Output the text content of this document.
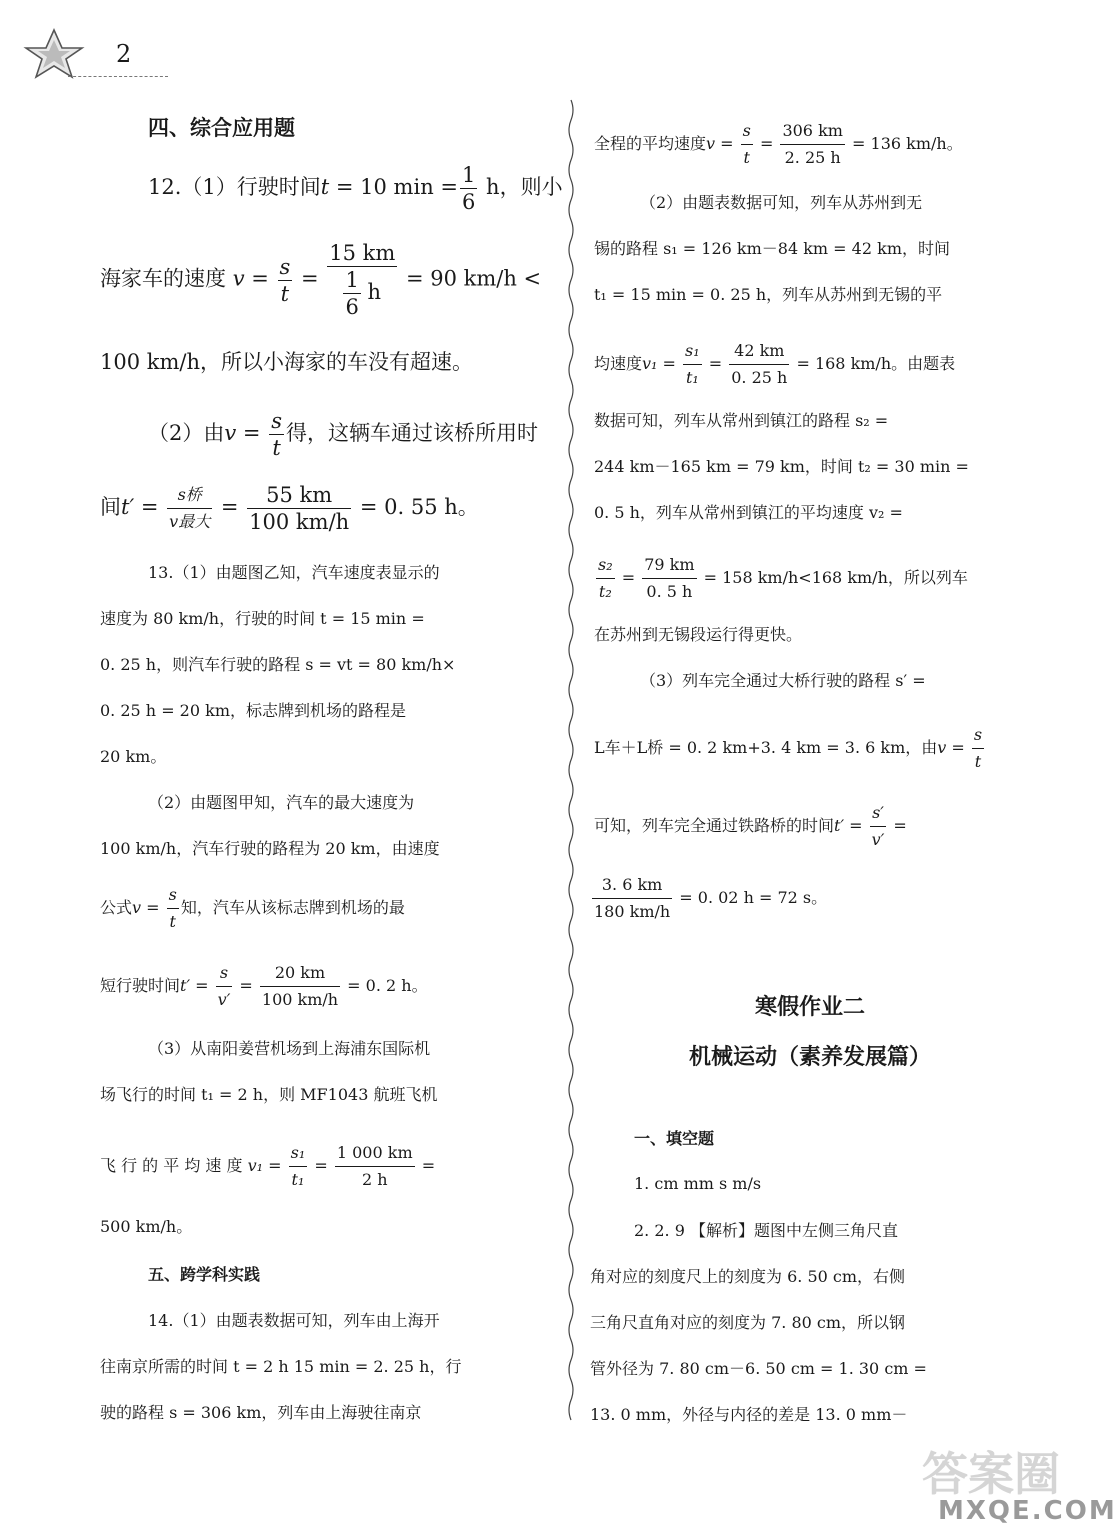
2
四、综合应用题
12.（1）行驶时间t = 10 $\min = \frac{1}{6}$ h，则小
海家车的速度 $v = \frac{s}{t} = \frac{15 km}{\frac{1}{6} h} = 90$ km/h <
100 km/h，所以小海家的车没有超速。
（2）由$v = \frac{s}{t}$ 得，这辆车通过该桥所用时
间$t' = \frac{\text{s桥}}{\text{v最大}} = \frac{55 km}{100 km/h} = 0$. 55 h。
13.（1）由题图乙知，汽车速度表显示的
速度为 80 km/h，行驶的时间 t = 15 min =
0. 25 h，则汽车行驶的路程 s = vt = 80 km/h×
0. 25 h = 20 km，标志牌到机场的路程是
20 km。
（2）由题图甲知，汽车的最大速度为
100 km/h，汽车行驶的路程为 20 km，由速度
公式$v = \frac{s}{t}$ 知，汽车从该标志牌到机场的最
短行驶时间$t' = \frac{s}{v'} = \frac{20 km}{100 km/h} = 0$. 2 h。
（3）从南阳姜营机场到上海浦东国际机
场飞行的时间 t₁ = 2 h，则 MF1043 航班飞机
飞 行 的 平 均 速 度 $v_1 = \frac{\text{s₁}}{\text{t₁}} = \frac{1 000 km}{2 h}$ =
500 km/h。
五、跨学科实践
14.（1）由题表数据可知，列车由上海开
往南京所需的时间 t = 2 h 15 min = 2. 25 h，行
驶的路程 s = 306 km，列车由上海驶往南京
全程的平均速度$v = \frac{s}{t} = \frac{306 km}{2. 25 h} = 136$ km/h。
（2）由题表数据可知，列车从苏州到无
锡的路程 s₁ = 126 km－84 km = 42 km，时间
t₁ = 15 min = 0. 25 h，列车从苏州到无锡的平
均速度$v_1 = \frac{\text{s₁}}{\text{t₁}} = \frac{42 km}{0. 25 h} = 168$ km/h。由题表
数据可知，列车从常州到镇江的路程 s₂ =
244 km－165 km = 79 km，时间 t₂ = 30 min =
0. 5 h，列车从常州到镇江的平均速度 v₂ =
$\frac{\text{s₂}}{\text{t₂}} = \frac{79 km}{0. 5 h} = 158$ km/h<168 km/h，所以列车
在苏州到无锡段运行得更快。
（3）列车完全通过大桥行驶的路程 s′ =
L车＋L桥 = 0. 2 km+3. 4 km = 3. 6 km，由$v = \frac{s}{t}$
可知，列车完全通过铁路桥的时间$t' = \frac{s'}{v'}$ =
$\frac{3. 6 km}{180 km/h} = 0$. 02 h = 72 s。
寒假作业二
机械运动（素养发展篇）
一、填空题
1. cm mm s m/s
2. 2. 9 【解析】题图中左侧三角尺直
角对应的刻度尺上的刻度为 6. 50 cm，右侧
三角尺直角对应的刻度为 7. 80 cm，所以钢
管外径为 7. 80 cm－6. 50 cm = 1. 30 cm =
13. 0 mm，外径与内径的差是 13. 0 mm－
答案圈
MXQE.COM
